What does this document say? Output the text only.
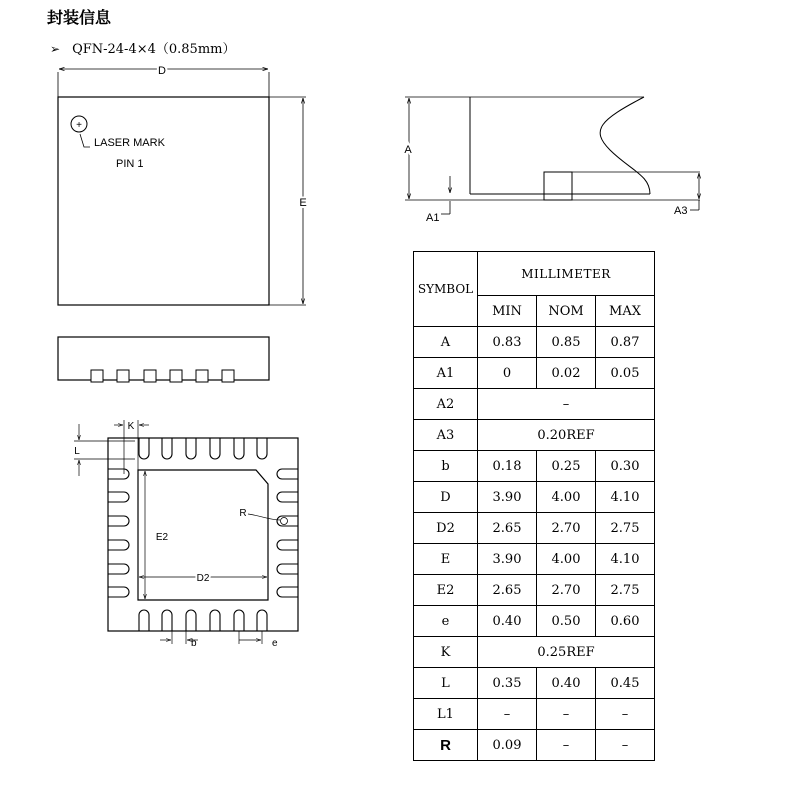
封装信息
➢ QFN-24-4×4（0.85mm）
D
E
+
LASER MARK
PIN 1
A
A1
A3
K
L
E2
D2
R
b	e
SYMBOL	MILLIMETER		
	MIN	NOM	MAX
A	0.83	0.85	0.87
A1	0	0.02	0.05
A2	–		
A3	0.20REF		
b	0.18	0.25	0.30
D	3.90	4.00	4.10
D2	2.65	2.70	2.75
E	3.90	4.00	4.10
E2	2.65	2.70	2.75
e	0.40	0.50	0.60
K	0.25REF		
L	0.35	0.40	0.45
L1	–	–	–
R	0.09	–	–
